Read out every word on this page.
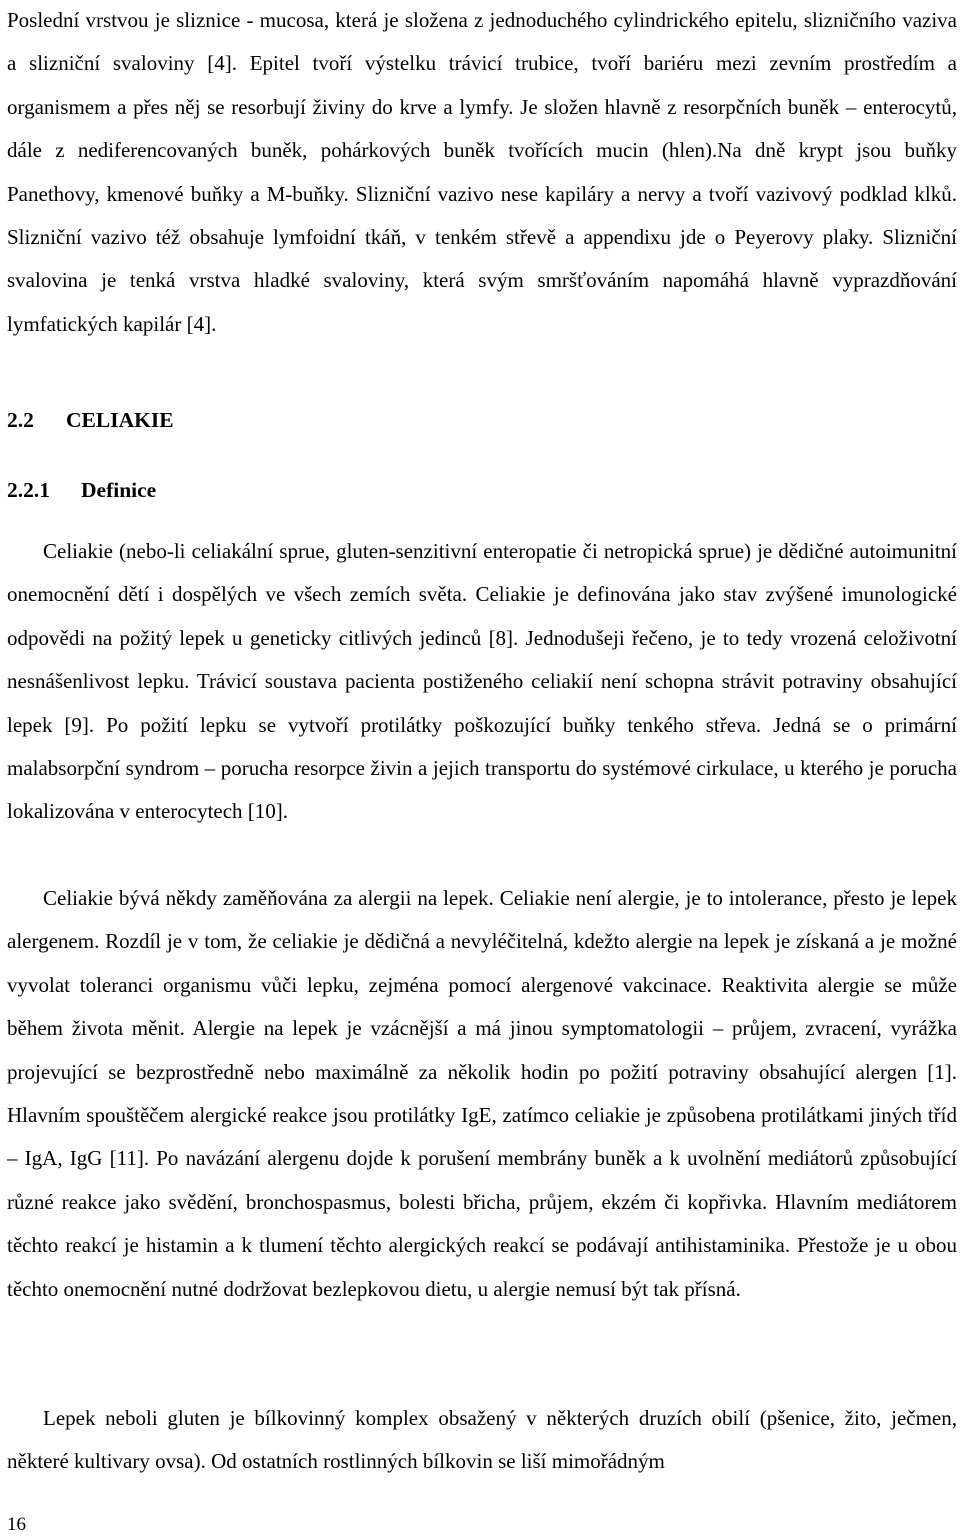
Poslední vrstvou je sliznice - mucosa, která je složena z jednoduchého cylindrického epitelu, slizničního vaziva a slizniční svaloviny [4]. Epitel tvoří výstelku trávicí trubice, tvoří bariéru mezi zevním prostředím a organismem a přes něj se resorbují živiny do krve a lymfy. Je složen hlavně z resorpčních buněk – enterocytů, dále z nediferencovaných buněk, pohárkových buněk tvořících mucin (hlen).Na dně krypt jsou buňky Panethovy, kmenové buňky a M-buňky. Slizniční vazivo nese kapiláry a nervy a tvoří vazivový podklad klků. Slizniční vazivo též obsahuje lymfoidní tkáň, v tenkém střevě a appendixu jde o Peyerovy plaky. Slizniční svalovina je tenká vrstva hladké svaloviny, která svým smršťováním napomáhá hlavně vyprazdňování lymfatických kapilár [4].

2.2 CELIAKIE
2.2.1 Definice

Celiakie (nebo-li celiakální sprue, gluten-senzitivní enteropatie či netropická sprue) je dědičné autoimunitní onemocnění dětí i dospělých ve všech zemích světa. Celiakie je definována jako stav zvýšené imunologické odpovědi na požitý lepek u geneticky citlivých jedinců [8]. Jednodušeji řečeno, je to tedy vrozená celoživotní nesnášenlivost lepku. Trávicí soustava pacienta postiženého celiakií není schopna strávit potraviny obsahující lepek [9]. Po požití lepku se vytvoří protilátky poškozující buňky tenkého střeva. Jedná se o primární malabsorpční syndrom – porucha resorpce živin a jejich transportu do systémové cirkulace, u kterého je porucha lokalizována v enterocytech [10].

Celiakie bývá někdy zaměňována za alergii na lepek. Celiakie není alergie, je to intolerance, přesto je lepek alergenem. Rozdíl je v tom, že celiakie je dědičná a nevyléčitelná, kdežto alergie na lepek je získaná a je možné vyvolat toleranci organismu vůči lepku, zejména pomocí alergenové vakcinace. Reaktivita alergie se může během života měnit. Alergie na lepek je vzácnější a má jinou symptomatologii – průjem, zvracení, vyrážka projevující se bezprostředně nebo maximálně za několik hodin po požití potraviny obsahující alergen [1]. Hlavním spouštěčem alergické reakce jsou protilátky IgE, zatímco celiakie je způsobena protilátkami jiných tříd – IgA, IgG [11]. Po navázání alergenu dojde k porušení membrány buněk a k uvolnění mediátorů způsobující různé reakce jako svědění, bronchospasmus, bolesti břicha, průjem, ekzém či kopřivka. Hlavním mediátorem těchto reakcí je histamin a k tlumení těchto alergických reakcí se podávají antihistaminika. Přestože je u obou těchto onemocnění nutné dodržovat bezlepkovou dietu, u alergie nemusí být tak přísná.

Lepek neboli gluten je bílkovinný komplex obsažený v některých druzích obilí (pšenice, žito, ječmen, některé kultivary ovsa). Od ostatních rostlinných bílkovin se liší mimořádným

16
